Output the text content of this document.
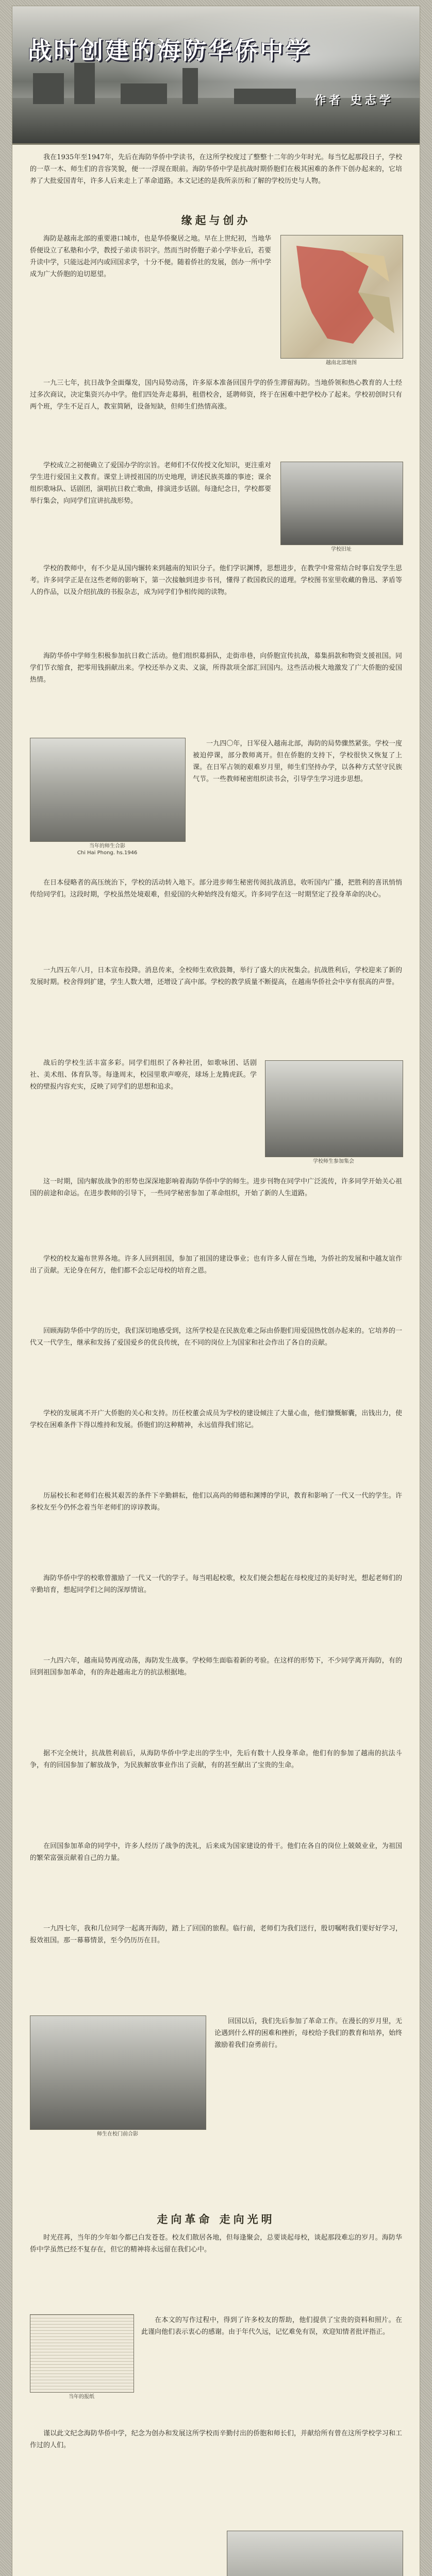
战时创建的海防华侨中学
作者 史志学

我在1935年至1947年，先后在海防华侨中学读书，在这所学校度过了整整十二年的少年时光。每当忆起那段日子，学校的一草一木、师生们的音容笑貌，便一一浮现在眼前。海防华侨中学是抗战时期侨胞们在极其困难的条件下创办起来的，它培养了大批爱国青年，许多人后来走上了革命道路。本文记述的是我所亲历和了解的学校历史与人物。

缘起与创办

海防是越南北部的重要港口城市，也是华侨聚居之地。早在上世纪初，当地华侨便设立了私塾和小学，教授子弟读书识字。然而当时侨胞子弟小学毕业后，若要升读中学，只能远赴河内或回国求学，十分不便。随着侨社的发展，创办一所中学成为广大侨胞的迫切愿望。

越南北部地图

一九三七年，抗日战争全面爆发，国内局势动荡，许多原本准备回国升学的侨生滞留海防。当地侨领和热心教育的人士经过多次商议，决定集资兴办中学。他们四处奔走募捐，租借校舍，延聘师资，终于在困难中把学校办了起来。学校初创时只有两个班，学生不足百人，教室简陋，设备短缺，但师生们热情高涨。

学校成立之初便确立了爱国办学的宗旨。老师们不仅传授文化知识，更注重对学生进行爱国主义教育。课堂上讲授祖国的历史地理，讲述民族英雄的事迹；课余组织歌咏队、话剧团，演唱抗日救亡歌曲，排演进步话剧。每逢纪念日，学校都要举行集会，向同学们宣讲抗战形势。

学校旧址

学校的教师中，有不少是从国内辗转来到越南的知识分子。他们学识渊博，思想进步，在教学中常常结合时事启发学生思考。许多同学正是在这些老师的影响下，第一次接触到进步书刊，懂得了救国救民的道理。学校图书室里收藏的鲁迅、茅盾等人的作品，以及介绍抗战的书报杂志，成为同学们争相传阅的读物。

海防华侨中学师生积极参加抗日救亡活动。他们组织募捐队，走街串巷，向侨胞宣传抗战，募集捐款和物资支援祖国。同学们节衣缩食，把零用钱捐献出来。学校还举办义卖、义演，所得款项全部汇回国内。这些活动极大地激发了广大侨胞的爱国热情。

当年的师生合影
Chi Hai Phong. hs.1946

一九四〇年，日军侵入越南北部，海防的局势骤然紧张。学校一度被迫停课，部分教师离开。但在侨胞的支持下，学校很快又恢复了上课。在日军占领的艰难岁月里，师生们坚持办学，以各种方式坚守民族气节。一些教师秘密组织读书会，引导学生学习进步思想。

在日本侵略者的高压统治下，学校的活动转入地下。部分进步师生秘密传阅抗战消息，收听国内广播，把胜利的喜讯悄悄传给同学们。这段时期，学校虽然处境艰难，但爱国的火种始终没有熄灭。许多同学在这一时期坚定了投身革命的决心。

一九四五年八月，日本宣布投降。消息传来，全校师生欢欣鼓舞，举行了盛大的庆祝集会。抗战胜利后，学校迎来了新的发展时期。校舍得到扩建，学生人数大增，还增设了高中部。学校的教学质量不断提高，在越南华侨社会中享有很高的声誉。

战后的学校生活丰富多彩。同学们组织了各种社团，如歌咏团、话剧社、美术组、体育队等。每逢周末，校园里歌声嘹亮，球场上龙腾虎跃。学校的壁报内容充实，反映了同学们的思想和追求。

学校师生参加集会

这一时期，国内解放战争的形势也深深地影响着海防华侨中学的师生。进步刊物在同学中广泛流传，许多同学开始关心祖国的前途和命运。在进步教师的引导下，一些同学秘密参加了革命组织，开始了新的人生道路。

学校的校友遍布世界各地。许多人回到祖国，参加了祖国的建设事业；也有许多人留在当地，为侨社的发展和中越友谊作出了贡献。无论身在何方，他们都不会忘记母校的培育之恩。

回顾海防华侨中学的历史，我们深切地感受到，这所学校是在民族危难之际由侨胞们用爱国热忱创办起来的。它培养的一代又一代学生，继承和发扬了爱国爱乡的优良传统，在不同的岗位上为国家和社会作出了各自的贡献。

学校的发展离不开广大侨胞的关心和支持。历任校董会成员为学校的建设倾注了大量心血，他们慷慨解囊，出钱出力，使学校在困难条件下得以维持和发展。侨胞们的这种精神，永远值得我们铭记。

历届校长和老师们在极其艰苦的条件下辛勤耕耘，他们以高尚的师德和渊博的学识，教育和影响了一代又一代的学生。许多校友至今仍怀念着当年老师们的谆谆教诲。

海防华侨中学的校歌曾激励了一代又一代的学子。每当唱起校歌，校友们便会想起在母校度过的美好时光，想起老师们的辛勤培育，想起同学们之间的深厚情谊。

一九四六年，越南局势再度动荡，海防发生战事。学校师生面临着新的考验。在这样的形势下，不少同学离开海防，有的回到祖国参加革命，有的奔赴越南北方的抗法根据地。

据不完全统计，抗战胜利前后，从海防华侨中学走出的学生中，先后有数十人投身革命。他们有的参加了越南的抗法斗争，有的回国参加了解放战争，为民族解放事业作出了贡献，有的甚至献出了宝贵的生命。

在回国参加革命的同学中，许多人经历了战争的洗礼，后来成为国家建设的骨干。他们在各自的岗位上兢兢业业，为祖国的繁荣富强贡献着自己的力量。

一九四七年，我和几位同学一起离开海防，踏上了回国的旅程。临行前，老师们为我们送行，殷切嘱咐我们要好好学习，报效祖国。那一幕幕情景，至今仍历历在目。

师生在校门前合影

回国以后，我们先后参加了革命工作。在漫长的岁月里，无论遇到什么样的困难和挫折，母校给予我们的教育和培养，始终激励着我们奋勇前行。

走向革命 走向光明

时光荏苒，当年的少年如今都已白发苍苍。校友们散居各地，但每逢聚会，总要谈起母校，谈起那段难忘的岁月。海防华侨中学虽然已经不复存在，但它的精神将永远留在我们心中。

当年的报纸

在本文的写作过程中，得到了许多校友的帮助，他们提供了宝贵的资料和照片。在此谨向他们表示衷心的感谢。由于年代久远，记忆难免有误，欢迎知情者批评指正。

谨以此文纪念海防华侨中学，纪念为创办和发展这所学校而辛勤付出的侨胞和师长们，并献给所有曾在这所学校学习和工作过的人们。
